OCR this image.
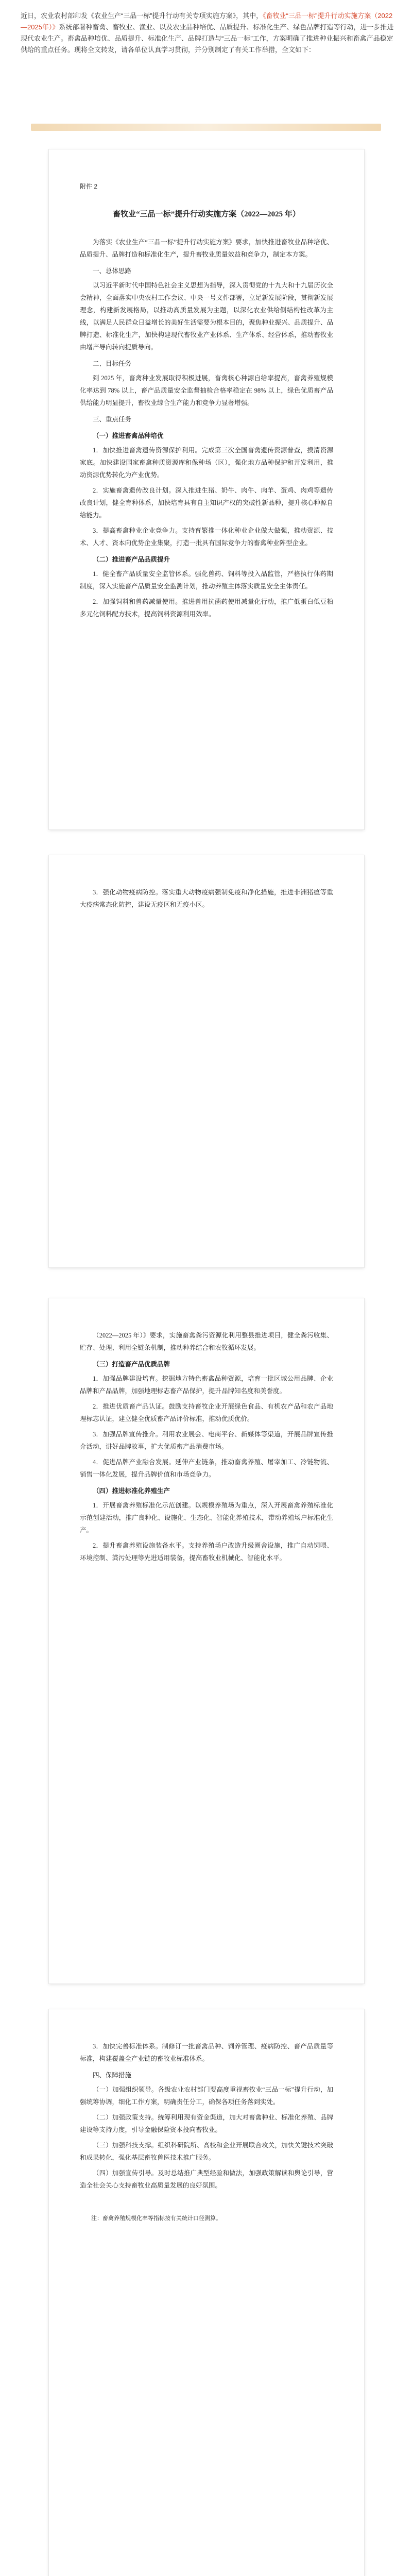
近日，农业农村部印发《农业生产“三品一标”提升行动有关专项实施方案》，其中，《畜牧业“三品一标”提升行动实施方案（2022—2025年）》系统部署种畜禽、畜牧业、渔业、以及农业品种培优、品质提升、标准化生产、绿色品牌打造等行动，进一步推进现代农业生产。畜禽品种培优、品质提升、标准化生产、品牌打造与“三品一标”工作，方案明确了推进种业振兴和畜禽产品稳定供给的重点任务。现将全文转发，请各单位认真学习贯彻，并分别制定了有关工作举措，全文如下：
附件 2
畜牧业“三品一标”提升行动实施方案（2022—2025 年）
为落实《农业生产“三品一标”提升行动实施方案》要求，加快推进畜牧业品种培优、品质提升、品牌打造和标准化生产，提升畜牧业质量效益和竞争力，制定本方案。
一、总体思路
以习近平新时代中国特色社会主义思想为指导，深入贯彻党的十九大和十九届历次全会精神，全面落实中央农村工作会议、中央一号文件部署，立足新发展阶段，贯彻新发展理念，构建新发展格局，以推动高质量发展为主题，以深化农业供给侧结构性改革为主线，以满足人民群众日益增长的美好生活需要为根本目的，聚焦种业振兴、品质提升、品牌打造、标准化生产，加快构建现代畜牧业产业体系、生产体系、经营体系，推动畜牧业由增产导向转向提质导向。
二、目标任务
到 2025 年，畜禽种业发展取得积极进展，畜禽核心种源自给率提高，畜禽养殖规模化率达到 78% 以上，畜产品质量安全监督抽检合格率稳定在 98% 以上，绿色优质畜产品供给能力明显提升，畜牧业综合生产能力和竞争力显著增强。
三、重点任务
（一）推进畜禽品种培优
1．加快推进畜禽遗传资源保护利用。完成第三次全国畜禽遗传资源普查，摸清资源家底。加快建设国家畜禽种质资源库和保种场（区），强化地方品种保护和开发利用，推动资源优势转化为产业优势。
2．实施畜禽遗传改良计划。深入推进生猪、奶牛、肉牛、肉羊、蛋鸡、肉鸡等遗传改良计划，健全育种体系，加快培育具有自主知识产权的突破性新品种，提升核心种源自给能力。
3．提高畜禽种业企业竞争力。支持育繁推一体化种业企业做大做强，推动资源、技术、人才、资本向优势企业集聚，打造一批具有国际竞争力的畜禽种业阵型企业。
（二）推进畜产品品质提升
1．健全畜产品质量安全监管体系。强化兽药、饲料等投入品监管，严格执行休药期制度，深入实施畜产品质量安全监测计划，推动养殖主体落实质量安全主体责任。
2．加强饲料和兽药减量使用。推进兽用抗菌药使用减量化行动，推广低蛋白低豆粕多元化饲料配方技术，提高饲料资源利用效率。
3．强化动物疫病防控。落实重大动物疫病强制免疫和净化措施，推进非洲猪瘟等重大疫病常态化防控，建设无疫区和无疫小区。
（2022—2025 年）》要求，实施畜禽粪污资源化利用整县推进项目，健全粪污收集、贮存、处理、利用全链条机制，推动种养结合和农牧循环发展。
（三）打造畜产品优质品牌
1．加强品牌建设培育。挖掘地方特色畜禽品种资源，培育一批区域公用品牌、企业品牌和产品品牌，加强地理标志畜产品保护，提升品牌知名度和美誉度。
2．推进优质畜产品认证。鼓励支持畜牧企业开展绿色食品、有机农产品和农产品地理标志认证，建立健全优质畜产品评价标准，推动优质优价。
3．加强品牌宣传推介。利用农业展会、电商平台、新媒体等渠道，开展品牌宣传推介活动，讲好品牌故事，扩大优质畜产品消费市场。
4．促进品牌产业融合发展。延伸产业链条，推动畜禽养殖、屠宰加工、冷链物流、销售一体化发展，提升品牌价值和市场竞争力。
（四）推进标准化养殖生产
1．开展畜禽养殖标准化示范创建。以规模养殖场为重点，深入开展畜禽养殖标准化示范创建活动，推广良种化、设施化、生态化、智能化养殖技术，带动养殖场户标准化生产。
2．提升畜禽养殖设施装备水平。支持养殖场户改造升级圈舍设施，推广自动饲喂、环境控制、粪污处理等先进适用装备，提高畜牧业机械化、智能化水平。
3．加快完善标准体系。制修订一批畜禽品种、饲养管理、疫病防控、畜产品质量等标准，构建覆盖全产业链的畜牧业标准体系。
四、保障措施
（一）加强组织领导。各级农业农村部门要高度重视畜牧业“三品一标”提升行动，加强统筹协调，细化工作方案，明确责任分工，确保各项任务落到实处。
（二）加强政策支持。统筹利用现有资金渠道，加大对畜禽种业、标准化养殖、品牌建设等支持力度，引导金融保险资本投向畜牧业。
（三）加强科技支撑。组织科研院所、高校和企业开展联合攻关，加快关键技术突破和成果转化，强化基层畜牧兽医技术推广服务。
（四）加强宣传引导。及时总结推广典型经验和做法，加强政策解读和舆论引导，营造全社会关心支持畜牧业高质量发展的良好氛围。
注：畜禽养殖规模化率等指标按有关统计口径测算。
